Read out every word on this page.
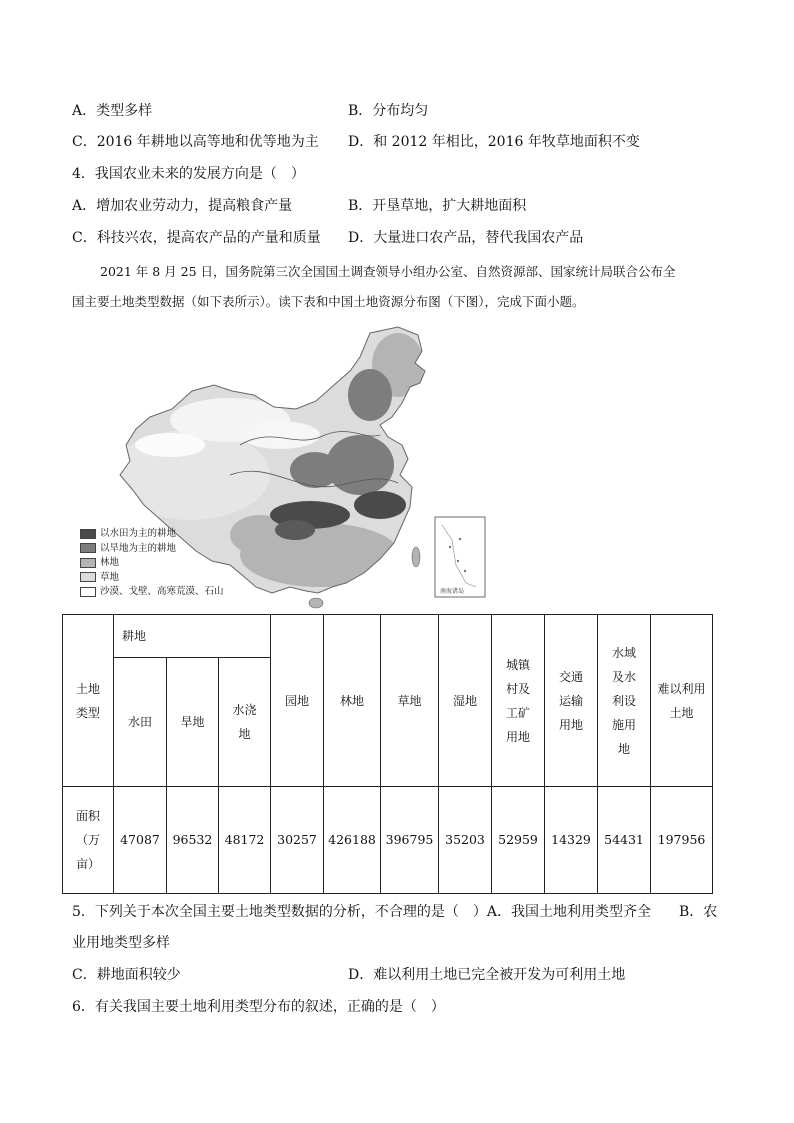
A．类型多样	B．分布均匀
C．2016 年耕地以高等地和优等地为主 D．和 2012 年相比，2016 年牧草地面积不变
4．我国农业未来的发展方向是（　）
A．增加农业劳动力，提高粮食产量	B．开垦草地，扩大耕地面积
C．科技兴农，提高农产品的产量和质量 D．大量进口农产品，替代我国农产品
2021 年 8 月 25 日，国务院第三次全国国土调查领导小组办公室、自然资源部、国家统计局联合公布全
国主要土地类型数据（如下表所示）。读下表和中国土地资源分布图（下图），完成下面小题。
南海诸岛
以水田为主的耕地
以旱地为主的耕地
林地
草地
沙漠、戈壁、高寒荒漠、石山
土地类型	耕地			园地	林地	草地	湿地	城镇村及工矿用地	交通运输用地	水域及水利设施用地	难以利用土地
	水田	旱地	水浇地								
面积（万亩）	47087	96532	48172	30257	426188	396795	35203	52959	14329	54431	197956
5．下列关于本次全国主要土地类型数据的分析，不合理的是（　）A．我国土地利用类型齐全　　B．农
业用地类型多样
C．耕地面积较少	D．难以利用土地已完全被开发为可利用土地
6．有关我国主要土地利用类型分布的叙述，正确的是（　）
